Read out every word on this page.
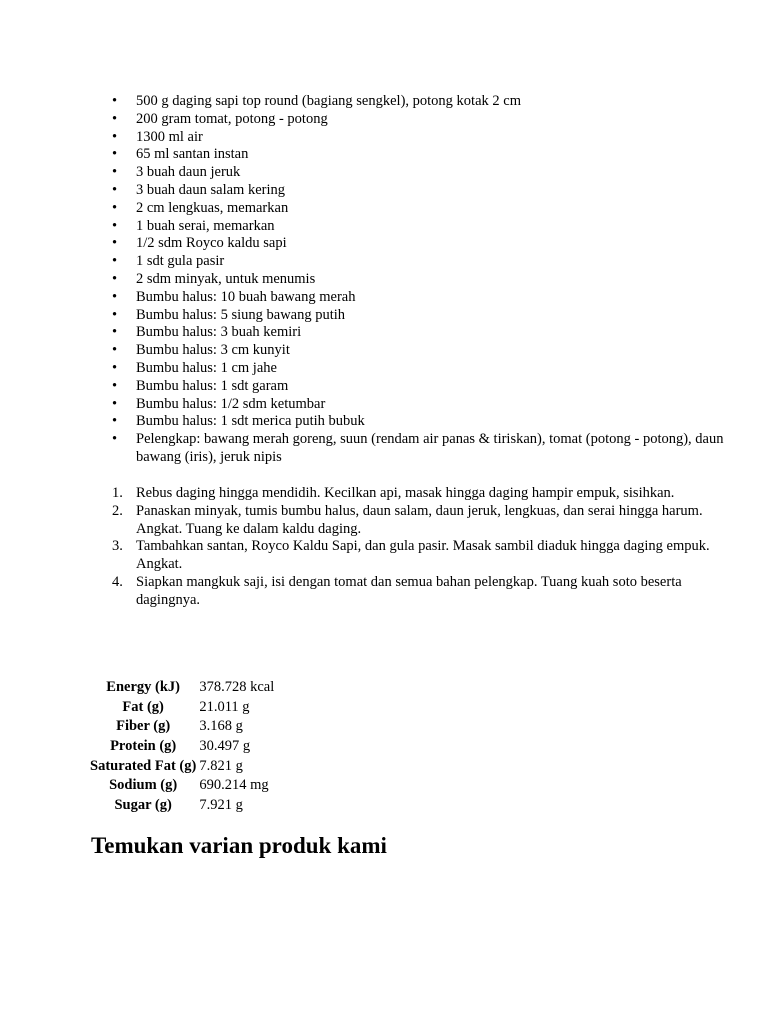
• 500 g daging sapi top round (bagiang sengkel), potong kotak 2 cm
• 200 gram tomat, potong - potong
• 1300 ml air
• 65 ml santan instan
• 3 buah daun jeruk
• 3 buah daun salam kering
• 2 cm lengkuas, memarkan
• 1 buah serai, memarkan
• 1/2 sdm Royco kaldu sapi
• 1 sdt gula pasir
• 2 sdm minyak, untuk menumis
• Bumbu halus: 10 buah bawang merah
• Bumbu halus: 5 siung bawang putih
• Bumbu halus: 3 buah kemiri
• Bumbu halus: 3 cm kunyit
• Bumbu halus: 1 cm jahe
• Bumbu halus: 1 sdt garam
• Bumbu halus: 1/2 sdm ketumbar
• Bumbu halus: 1 sdt merica putih bubuk
• Pelengkap: bawang merah goreng, suun (rendam air panas & tiriskan), tomat (potong - potong), daun bawang (iris), jeruk nipis
Rebus daging hingga mendidih. Kecilkan api, masak hingga daging hampir empuk, sisihkan.
Panaskan minyak, tumis bumbu halus, daun salam, daun jeruk, lengkuas, dan serai hingga harum. Angkat. Tuang ke dalam kaldu daging.
Tambahkan santan, Royco Kaldu Sapi, dan gula pasir. Masak sambil diaduk hingga daging empuk. Angkat.
Siapkan mangkuk saji, isi dengan tomat dan semua bahan pelengkap. Tuang kuah soto beserta dagingnya.
Energy (kJ)	378.728 kcal
Fat (g)	21.011 g
Fiber (g)	3.168 g
Protein (g)	30.497 g
Saturated Fat (g)	7.821 g
Sodium (g)	690.214 mg
Sugar (g)	7.921 g
Temukan varian produk kami
